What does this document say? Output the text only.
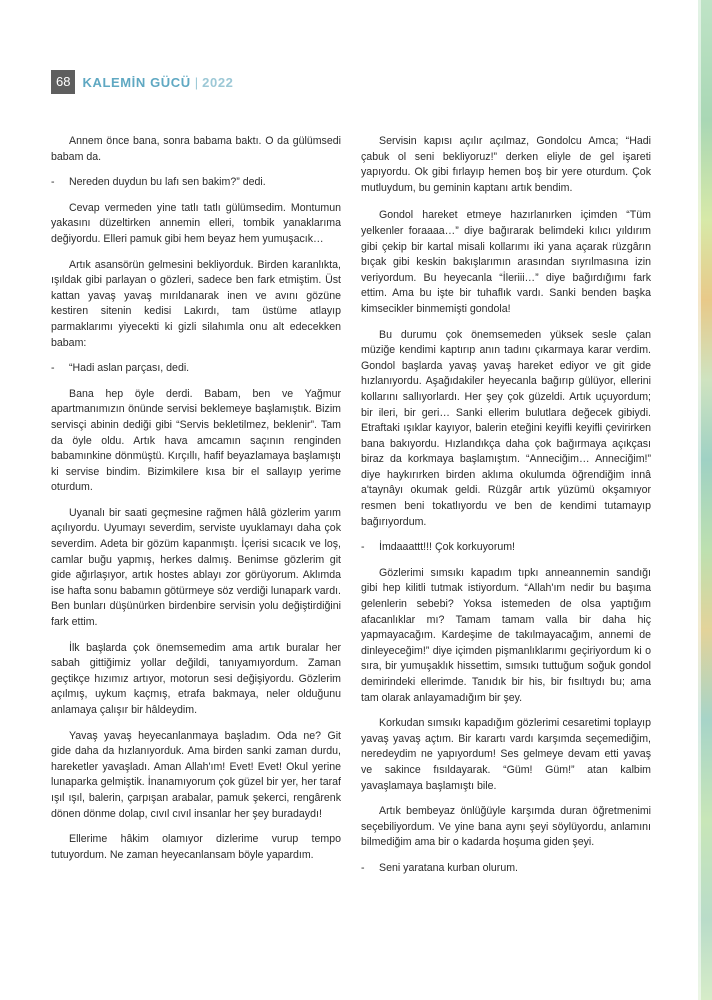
68 KALEMİN GÜCÜ | 2022

Annem önce bana, sonra babama baktı. O da gülümsedi babam da.

- Nereden duydun bu lafı sen bakim?” dedi.

Cevap vermeden yine tatlı tatlı gülümsedim. Montumun yakasını düzeltirken annemin elleri, tombik yanaklarıma değiyordu. Elleri pamuk gibi hem beyaz hem yumuşacık…

Artık asansörün gelmesini bekliyorduk. Birden karanlıkta, ışıldak gibi parlayan o gözleri, sadece ben fark etmiştim. Üst kattan yavaş yavaş mırıldanarak inen ve avını gözüne kestiren sitenin kedisi Lakırdı, tam üstüme atlayıp parmaklarımı yiyecekti ki gizli silahımla onu alt edecekken babam:

- “Hadi aslan parçası, dedi.

Bana hep öyle derdi. Babam, ben ve Yağmur apartmanımızın önünde servisi beklemeye başlamıştık. Bizim servisçi abinin dediği gibi “Servis bekletilmez, beklenir”. Tam da öyle oldu. Artık hava amcamın saçının renginden babamınkine dönmüştü. Kırçıllı, hafif beyazlamaya başlamıştı ki servise bindim. Bizimkilere kısa bir el sallayıp yerime oturdum.

Uyanalı bir saati geçmesine rağmen hâlâ gözlerim yarım açılıyordu. Uyumayı severdim, serviste uyuklamayı daha çok severdim. Adeta bir gözüm kapanmıştı. İçerisi sıcacık ve loş, camlar buğu yapmış, herkes dalmış. Benimse gözlerim git gide ağırlaşıyor, artık hostes ablayı zor görüyorum. Aklımda ise hafta sonu babamın götürmeye söz verdiği lunapark vardı. Ben bunları düşünürken birdenbire servisin yolu değiştirdiğini fark ettim.

İlk başlarda çok önemsemedim ama artık buralar her sabah gittiğimiz yollar değildi, tanıyamıyordum. Zaman geçtikçe hızımız artıyor, motorun sesi değişiyordu. Gözlerim açılmış, uykum kaçmış, etrafa bakmaya, neler olduğunu anlamaya çalışır bir hâldeydim.

Yavaş yavaş heyecanlanmaya başladım. Oda ne? Git gide daha da hızlanıyorduk. Ama birden sanki zaman durdu, hareketler yavaşladı. Aman Allah'ım! Evet! Evet! Okul yerine lunaparka gelmiştik. İnanamıyorum çok güzel bir yer, her taraf ışıl ışıl, balerin, çarpışan arabalar, pamuk şekerci, rengârenk dönen dönme dolap, cıvıl cıvıl insanlar her şey buradaydı!

Ellerime hâkim olamıyor dizlerime vurup tempo tutuyordum. Ne zaman heyecanlansam böyle yapardım.

Servisin kapısı açılır açılmaz, Gondolcu Amca; “Hadi çabuk ol seni bekliyoruz!” derken eliyle de gel işareti yapıyordu. Ok gibi fırlayıp hemen boş bir yere oturdum. Çok mutluydum, bu geminin kaptanı artık bendim.

Gondol hareket etmeye hazırlanırken içimden “Tüm yelkenler foraaaa…” diye bağırarak belimdeki kılıcı yıldırım gibi çekip bir kartal misali kollarımı iki yana açarak rüzgârın bıçak gibi keskin bakışlarımın arasından sıyrılmasına izin veriyordum. Bu heyecanla “İleriii…” diye bağırdığımı fark ettim. Ama bu işte bir tuhaflık vardı. Sanki benden başka kimsecikler binmemişti gondola!

Bu durumu çok önemsemeden yüksek sesle çalan müziğe kendimi kaptırıp anın tadını çıkarmaya karar verdim. Gondol başlarda yavaş yavaş hareket ediyor ve git gide hızlanıyordu. Aşağıdakiler heyecanla bağırıp gülüyor, ellerini kollarını sallıyorlardı. Her şey çok güzeldi. Artık uçuyordum; bir ileri, bir geri… Sanki ellerim bulutlara değecek gibiydi. Etraftaki ışıklar kayıyor, balerin eteğini keyifli keyifli çevirirken bana bakıyordu. Hızlandıkça daha çok bağırmaya açıkçası biraz da korkmaya başlamıştım. “Anneciğim… Anneciğim!” diye haykırırken birden aklıma okulumda öğrendiğim innâ a'taynâyı okumak geldi. Rüzgâr artık yüzümü okşamıyor resmen beni tokatlıyordu ve ben de kendimi tutamayıp bağırıyordum.

- İmdaaattt!!! Çok korkuyorum!

Gözlerimi sımsıkı kapadım tıpkı anneannemin sandığı gibi hep kilitli tutmak istiyordum. “Allah'ım nedir bu başıma gelenlerin sebebi? Yoksa istemeden de olsa yaptığım afacanlıklar mı? Tamam tamam valla bir daha hiç yapmayacağım. Kardeşime de takılmayacağım, annemi de dinleyeceğim!” diye içimden pişmanlıklarımı geçiriyordum ki o sıra, bir yumuşaklık hissettim, sımsıkı tuttuğum soğuk gondol demirindeki ellerimde. Tanıdık bir his, bir fısıltıydı bu; ama tam olarak anlayamadığım bir şey.

Korkudan sımsıkı kapadığım gözlerimi cesaretimi toplayıp yavaş yavaş açtım. Bir karartı vardı karşımda seçemediğim, neredeydim ne yapıyordum! Ses gelmeye devam etti yavaş ve sakince fısıldayarak. “Güm! Güm!” atan kalbim yavaşlamaya başlamıştı bile.

Artık bembeyaz önlüğüyle karşımda duran öğretmenimi seçebiliyordum. Ve yine bana aynı şeyi söylüyordu, anlamını bilmediğim ama bir o kadarda hoşuma giden şeyi.

- Seni yaratana kurban olurum.
